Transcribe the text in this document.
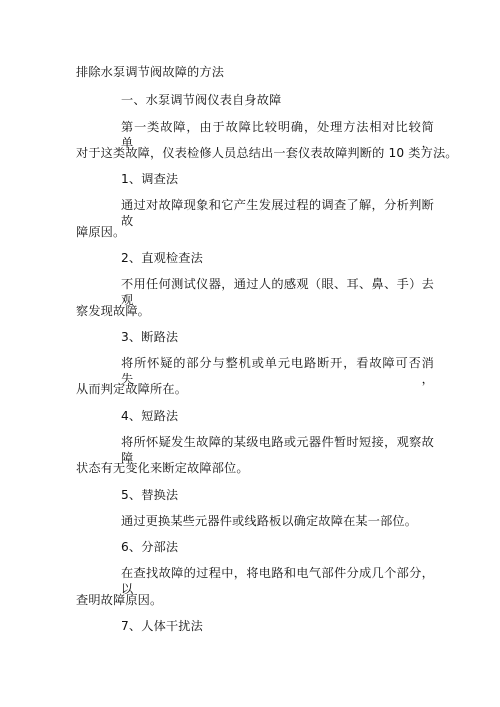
排除水泵调节阀故障的方法
一、水泵调节阀仪表自身故障
第一类故障，由于故障比较明确，处理方法相对比较简单，
对于这类故障，仪表检修人员总结出一套仪表故障判断的 10 类方法。
1、调查法
通过对故障现象和它产生发展过程的调查了解，分析判断故
障原因。
2、直观检查法
不用任何测试仪器，通过人的感观（眼、耳、鼻、手）去观
察发现故障。
3、断路法
将所怀疑的部分与整机或单元电路断开，看故障可否消失，
从而判定故障所在。
4、短路法
将所怀疑发生故障的某级电路或元器件暂时短接，观察故障
状态有无变化来断定故障部位。
5、替换法
通过更换某些元器件或线路板以确定故障在某一部位。
6、分部法
在查找故障的过程中，将电路和电气部件分成几个部分，以
查明故障原因。
7、人体干扰法
